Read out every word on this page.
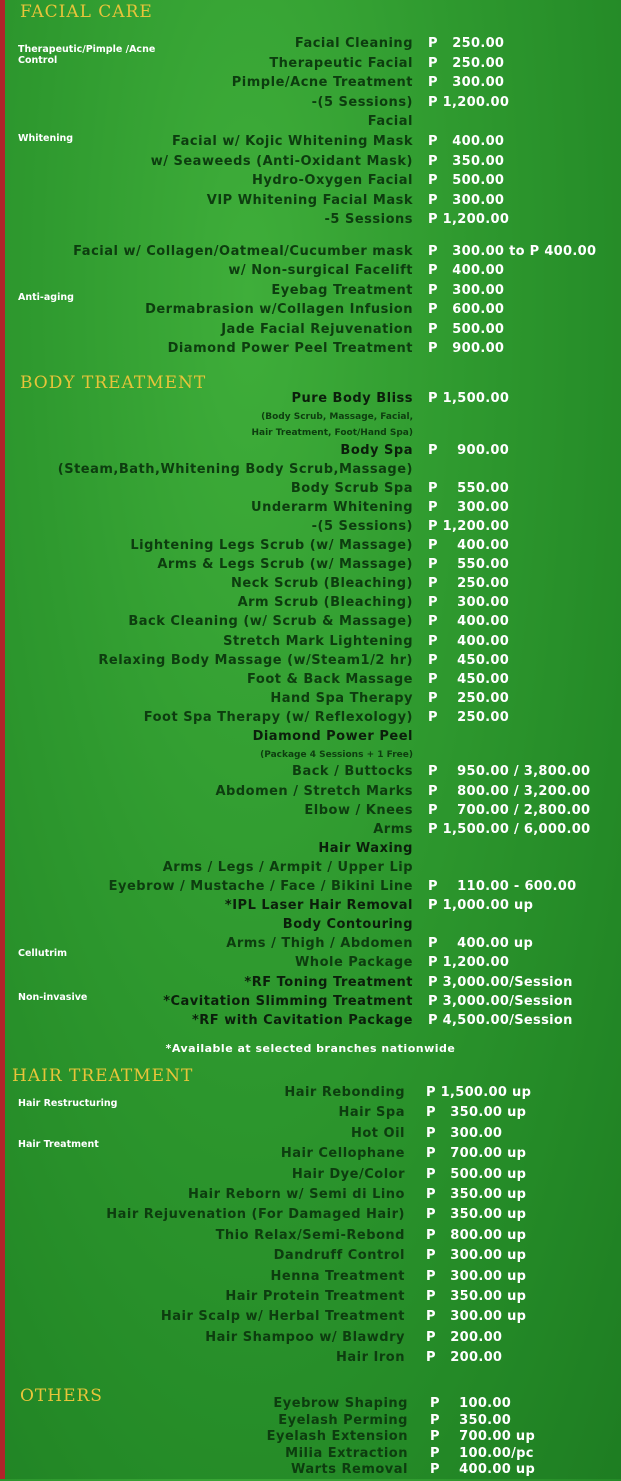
FACIAL CARE
Therapeutic/Pimple /Acne Control
Whitening
Facial Cleaning P   250.00
Therapeutic Facial P   250.00
Pimple/Acne Treatment P   300.00
-(5 Sessions) P 1,200.00
Facial
Facial w/ Kojic Whitening Mask P   400.00
w/ Seaweeds (Anti-Oxidant Mask) P   350.00
Hydro-Oxygen Facial P   500.00
VIP Whitening Facial Mask P   300.00
-5 Sessions P 1,200.00
Anti-aging
Facial w/ Collagen/Oatmeal/Cucumber mask P   300.00 to P 400.00
w/ Non-surgical Facelift P   400.00
Eyebag Treatment P   300.00
Dermabrasion w/Collagen Infusion P   600.00
Jade Facial Rejuvenation P   500.00
Diamond Power Peel Treatment P   900.00
BODY TREATMENT
Pure Body Bliss P 1,500.00
(Body Scrub, Massage, Facial,
Hair Treatment, Foot/Hand Spa)
Body Spa P    900.00
(Steam,Bath,Whitening Body Scrub,Massage)
Body Scrub Spa P    550.00
Underarm Whitening P    300.00
-(5 Sessions) P 1,200.00
Lightening Legs Scrub (w/ Massage) P    400.00
Arms & Legs Scrub (w/ Massage) P    550.00
Neck Scrub (Bleaching) P    250.00
Arm Scrub (Bleaching) P    300.00
Back Cleaning (w/ Scrub & Massage) P    400.00
Stretch Mark Lightening P    400.00
Relaxing Body Massage (w/Steam1/2 hr) P    450.00
Foot & Back Massage P    450.00
Hand Spa Therapy P    250.00
Foot Spa Therapy (w/ Reflexology) P    250.00
Diamond Power Peel
(Package 4 Sessions + 1 Free)
Back / Buttocks P    950.00 / 3,800.00
Abdomen / Stretch Marks P    800.00 / 3,200.00
Elbow / Knees P    700.00 / 2,800.00
Arms P 1,500.00 / 6,000.00
Hair Waxing
Arms / Legs / Armpit / Upper Lip
Eyebrow / Mustache / Face / Bikini Line P    110.00 - 600.00
*IPL Laser Hair Removal P 1,000.00 up
Body Contouring
Arms / Thigh / Abdomen P    400.00 up
Whole Package P 1,200.00
*RF Toning Treatment P 3,000.00/Session
*Cavitation Slimming Treatment P 3,000.00/Session
*RF with Cavitation Package P 4,500.00/Session
Cellutrim
Non-invasive
*Available at selected branches nationwide
HAIR TREATMENT
Hair Restructuring
Hair Treatment
Hair Rebonding P 1,500.00 up
Hair Spa P   350.00 up
Hot Oil P   300.00
Hair Cellophane P   700.00 up
Hair Dye/Color P   500.00 up
Hair Reborn w/ Semi di Lino P   350.00 up
Hair Rejuvenation (For Damaged Hair) P   350.00 up
Thio Relax/Semi-Rebond P   800.00 up
Dandruff Control P   300.00 up
Henna Treatment P   300.00 up
Hair Protein Treatment P   350.00 up
Hair Scalp w/ Herbal Treatment P   300.00 up
Hair Shampoo w/ Blawdry P   200.00
Hair Iron P   200.00
OTHERS	Eyebrow Shaping P    100.00
Eyelash Perming P    350.00
Eyelash Extension P    700.00 up
Milia Extraction P    100.00/pc
Warts Removal P    400.00 up
